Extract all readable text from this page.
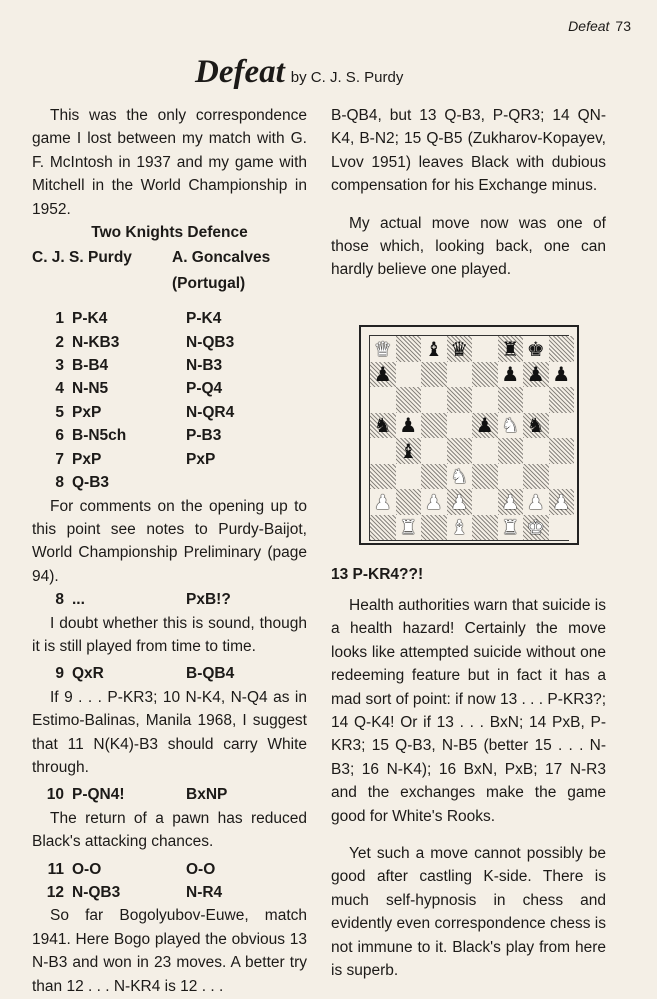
Defeat 73
Defeat by C. J. S. Purdy

This was the only correspondence game I lost between my match with G. F. McIntosh in 1937 and my game with Mitchell in the World Championship in 1952.

Two Knights Defence

C. J. S. Purdy	A. Goncalves
(Portugal)
1 P-K4	P-K4
2 N-KB3	N-QB3
3 B-B4	N-B3
4 N-N5	P-Q4
5 PxP	N-QR4
6 B-N5ch	P-B3
7 PxP	PxP
8 Q-B3

For comments on the opening up to this point see notes to Purdy-Baijot, World Championship Preliminary (page 94).

8 ...	PxB!?

I doubt whether this is sound, though it is still played from time to time.

9 QxR	B-QB4

If 9 . . . P-KR3; 10 N-K4, N-Q4 as in Estimo-Balinas, Manila 1968, I suggest that 11 N(K4)-B3 should carry White through.

10 P-QN4!	BxNP

The return of a pawn has reduced Black's attacking chances.

11 O-O	O-O
12 N-QB3	N-R4

So far Bogolyubov-Euwe, match 1941. Here Bogo played the obvious 13 N-B3 and won in 23 moves. A better try than 12 . . . N-KR4 is 12 . . .

B-QB4, but 13 Q-B3, P-QR3; 14 QN-K4, B-N2; 15 Q-B5 (Zukharov-Kopayev, Lvov 1951) leaves Black with dubious compensation for his Exchange minus.

My actual move now was one of those which, looking back, one can hardly believe one played.

♛ ♝ ♛ ♜ ♚
♟	♟ ♟ ♟
♞ ♟	♟ ♞ ♞
♝
♞
♟ ♟ ♟ ♟ ♟ ♟
♜ ♝ ♜ ♚
13 P-KR4??!

Health authorities warn that suicide is a health hazard! Certainly the move looks like attempted suicide without one redeeming feature but in fact it has a mad sort of point: if now 13 . . . P-KR3?; 14 Q-K4! Or if 13 . . . BxN; 14 PxB, P-KR3; 15 Q-B3, N-B5 (better 15 . . . N-B3; 16 N-K4); 16 BxN, PxB; 17 N-R3 and the exchanges make the game good for White's Rooks.

Yet such a move cannot possibly be good after castling K-side. There is much self-hypnosis in chess and evidently even correspondence chess is not immune to it. Black's play from here is superb.
